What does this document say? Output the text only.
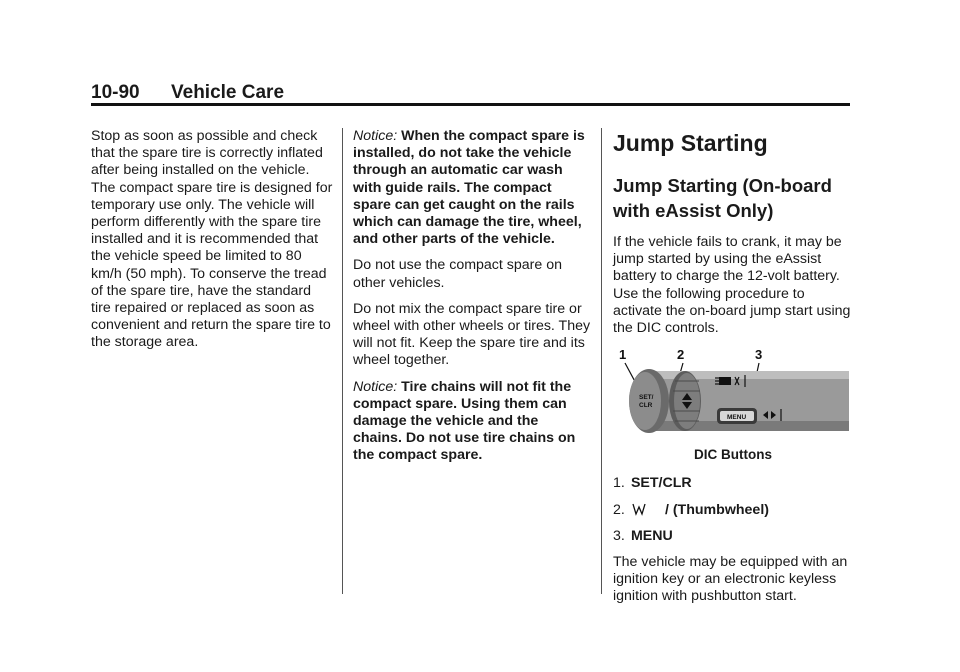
10-90 Vehicle Care

Stop as soon as possible and check that the spare tire is correctly inflated after being installed on the vehicle. The compact spare tire is designed for temporary use only. The vehicle will perform differently with the spare tire installed and it is recommended that the vehicle speed be limited to 80 km/h (50 mph). To conserve the tread of the spare tire, have the standard tire repaired or replaced as soon as convenient and return the spare tire to the storage area.

Notice: When the compact spare is installed, do not take the vehicle through an automatic car wash with guide rails. The compact spare can get caught on the rails which can damage the tire, wheel, and other parts of the vehicle.

Do not use the compact spare on other vehicles.

Do not mix the compact spare tire or wheel with other wheels or tires. They will not fit. Keep the spare tire and its wheel together.

Notice: Tire chains will not fit the compact spare. Using them can damage the vehicle and the chains. Do not use tire chains on the compact spare.

Jump Starting
Jump Starting (On-board with eAssist Only)

If the vehicle fails to crank, it may be jump started by using the eAssist battery to charge the 12-volt battery. Use the following procedure to activate the on-board jump start using the DIC controls.

1	2	3
SET/
CLR
MENU
DIC Buttons
1. SET/CLR
2.	/ (Thumbwheel)
3. MENU

The vehicle may be equipped with an ignition key or an electronic keyless ignition with pushbutton start.
